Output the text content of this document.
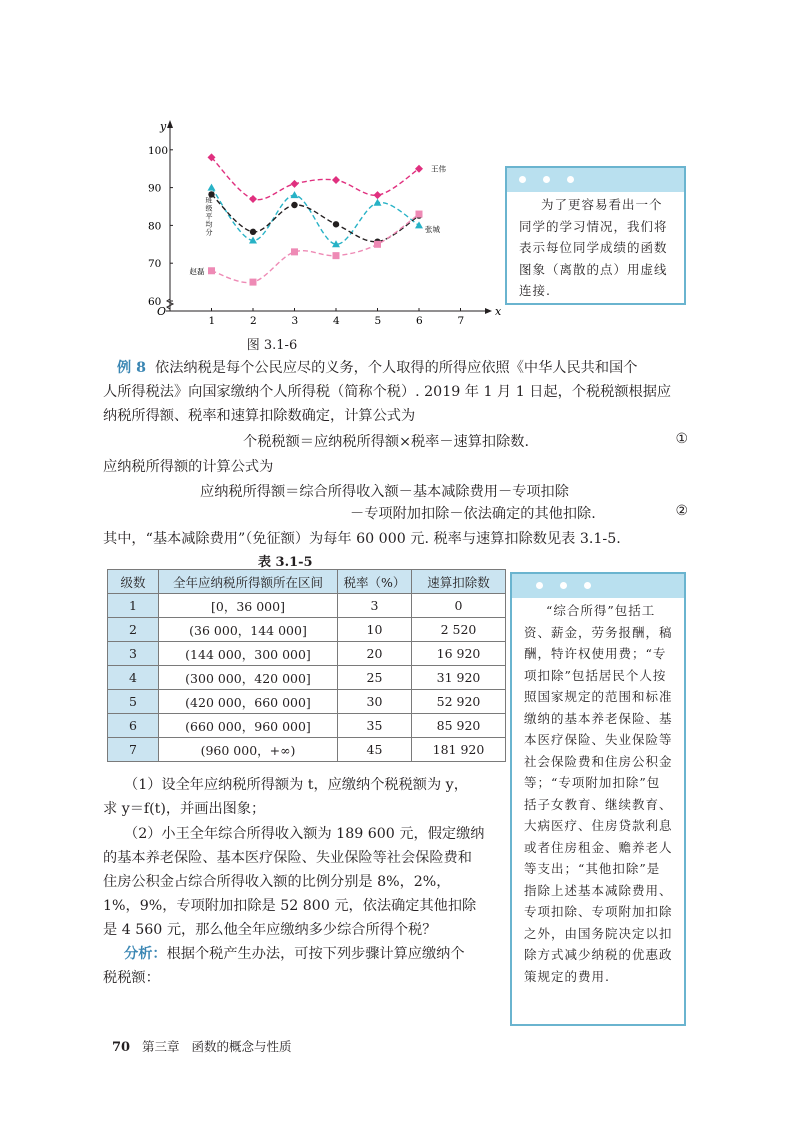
x
y
O
1	2	3	4	5	6	7
60
70
80
90
100
王伟
张城
班级平均分
赵磊
图 3.1-6
为了更容易看出一个
同学的学习情况，我们将
表示每位同学成绩的函数
图象（离散的点）用虚线
连接.
例 8 依法纳税是每个公民应尽的义务，个人取得的所得应依照《中华人民共和国个
人所得税法》向国家缴纳个人所得税（简称个税）. 2019 年 1 月 1 日起，个税税额根据应
纳税所得额、税率和速算扣除数确定，计算公式为
个税税额＝应纳税所得额×税率－速算扣除数.	①
应纳税所得额的计算公式为
应纳税所得额＝综合所得收入额－基本减除费用－专项扣除
－专项附加扣除－依法确定的其他扣除.	②
其中，“基本减除费用”（免征额）为每年 60 000 元. 税率与速算扣除数见表 3.1-5.
表 3.1-5
级数	全年应纳税所得额所在区间	税率（%）	速算扣除数
1	[0，36 000]	3	0
2	(36 000，144 000]	10	2 520
3	(144 000，300 000]	20	16 920
4	(300 000，420 000]	25	31 920
5	(420 000，660 000]	30	52 920
6	(660 000，960 000]	35	85 920
7	(960 000，+∞)	45	181 920
“综合所得”包括工
资、薪金，劳务报酬，稿
酬，特许权使用费；“专
项扣除”包括居民个人按
照国家规定的范围和标准
缴纳的基本养老保险、基
本医疗保险、失业保险等
社会保险费和住房公积金
等；“专项附加扣除”包
括子女教育、继续教育、
大病医疗、住房贷款利息
或者住房租金、赡养老人
等支出；“其他扣除”是
指除上述基本减除费用、
专项扣除、专项附加扣除
之外，由国务院决定以扣
除方式减少纳税的优惠政
策规定的费用.
（1）设全年应纳税所得额为 t，应缴纳个税税额为 y，
求 y＝f(t)，并画出图象；
（2）小王全年综合所得收入额为 189 600 元，假定缴纳
的基本养老保险、基本医疗保险、失业保险等社会保险费和
住房公积金占综合所得收入额的比例分别是 8%，2%，
1%，9%，专项附加扣除是 52 800 元，依法确定其他扣除
是 4 560 元，那么他全年应缴纳多少综合所得个税？
分析：根据个税产生办法，可按下列步骤计算应缴纳个
税税额：
70 第三章 函数的概念与性质
